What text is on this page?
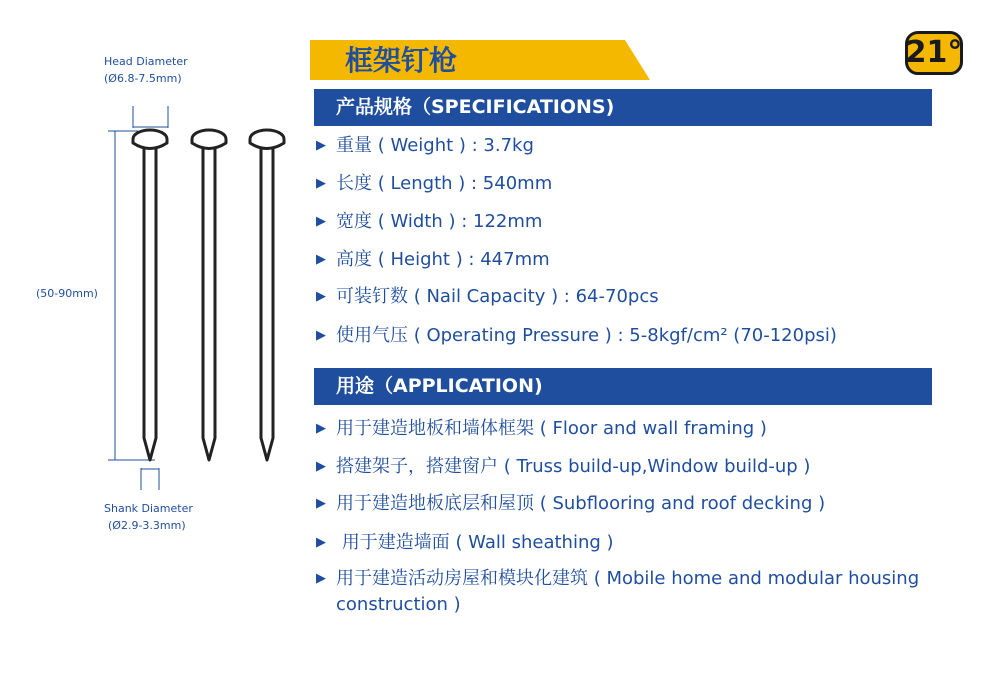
Head Diameter
(Ø6.8-7.5mm)
(50-90mm)
Shank Diameter
(Ø2.9-3.3mm)
框架钉枪	21°
产品规格（SPECIFICATIONS)
▶ 重量 ( Weight ) : 3.7kg
▶ 长度 ( Length ) : 540mm
▶ 宽度 ( Width ) : 122mm
▶ 高度 ( Height ) : 447mm
▶ 可装钉数 ( Nail Capacity ) : 64-70pcs
▶ 使用气压 ( Operating Pressure ) : 5-8kgf/cm² (70-120psi)
用途（APPLICATION)
▶ 用于建造地板和墙体框架 ( Floor and wall framing )
▶ 搭建架子，搭建窗户 ( Truss build-up,Window build-up )
▶ 用于建造地板底层和屋顶 ( Subflooring and roof decking )
▶ 用于建造墙面 ( Wall sheathing )
▶ 用于建造活动房屋和模块化建筑 ( Mobile home and modular housing construction )
